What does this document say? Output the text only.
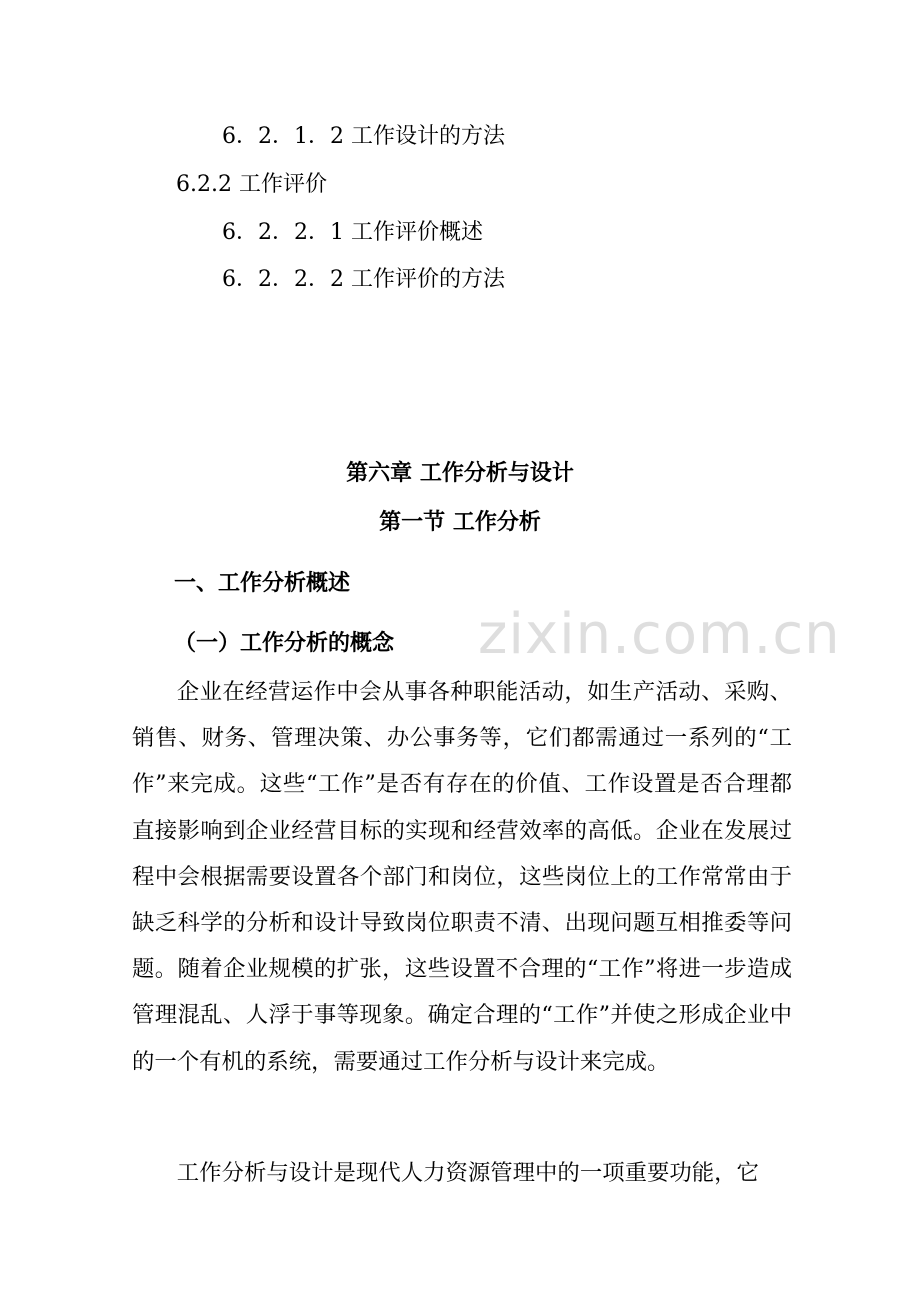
6．2．1．2 工作设计的方法
6.2.2 工作评价
6．2．2．1 工作评价概述
6．2．2．2 工作评价的方法
第六章 工作分析与设计
第一节 工作分析
一、工作分析概述
zixin.com.cn
（一）工作分析的概念

企业在经营运作中会从事各种职能活动，如生产活动、采购、销售、财务、管理决策、办公事务等，它们都需通过一系列的“工作”来完成。这些“工作”是否有存在的价值、工作设置是否合理都直接影响到企业经营目标的实现和经营效率的高低。企业在发展过程中会根据需要设置各个部门和岗位，这些岗位上的工作常常由于缺乏科学的分析和设计导致岗位职责不清、出现问题互相推委等问题。随着企业规模的扩张，这些设置不合理的“工作”将进一步造成管理混乱、人浮于事等现象。确定合理的“工作”并使之形成企业中的一个有机的系统，需要通过工作分析与设计来完成。

工作分析与设计是现代人力资源管理中的一项重要功能，它
